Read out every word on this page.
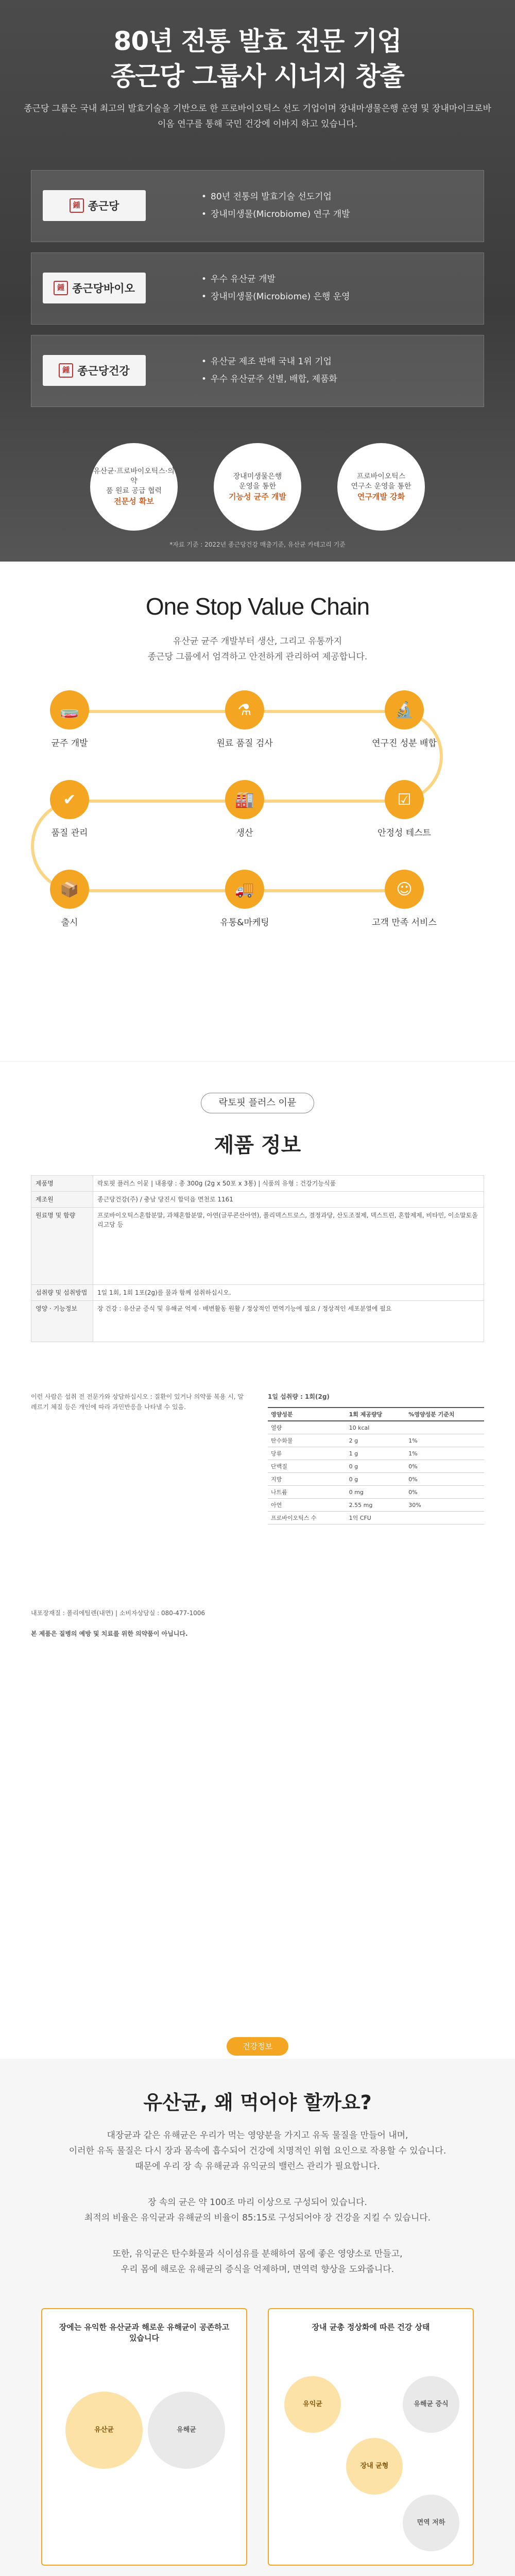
80년 전통 발효 전문 기업
종근당 그룹사 시너지 창출
종근당 그룹은 국내 최고의 발효기술을 기반으로 한 프로바이오틱스 선도 기업이며 장내마생물은행 운영 및 장내마이크로바이옴 연구를 통해 국민 건강에 이바지 하고 있습니다.
鍾 종근당
• 80년 전통의 발효기술 선도기업
• 장내미생물(Microbiome) 연구 개발
鍾 종근당바이오
• 우수 유산균 개발
• 장내미생물(Microbiome) 은행 운영
鍾 종근당건강
• 유산균 제조 판매 국내 1위 기업
• 우수 유산균주 선별, 배합, 제품화
유산균·프로바이오틱스·의약
품 원료 공급 협력
전문성 확보
장내미생물은행
운영을 통한
기능성 균주 개발
프로바이오틱스
연구소 운영을 통한
연구개발 강화
*자료 기준 : 2022년 종근당건강 매출기준, 유산균 카테고리 기준
One Stop Value Chain
유산균 균주 개발부터 생산, 그리고 유통까지
종근당 그룹에서 엄격하고 안전하게 관리하여 제공합니다.
🧫
균주 개발
⚗
원료 품질 검사
🔬
연구진 성분 배합
✔
품질 관리
🏭
생산
☑
안정성 테스트
📦
출시
🚚
유통&마케팅
☺
고객 만족 서비스
락토핏 플러스 이뮨
제품 정보
제품명	락토핏 플러스 이뮨 | 내용량 : 총 300g (2g x 50포 x 3통) | 식품의 유형 : 건강기능식품
제조원	종근당건강(주) / 충남 당진시 합덕읍 면천로 1161
원료명 및 함량	프로바이오틱스혼합분말, 과채혼합분말, 아연(글루콘산아연), 폴리덱스트로스, 결정과당, 산도조절제, 덱스트린, 혼합제제, 비타민, 이소말토올리고당 등
섭취량 및 섭취방법	1일 1회, 1회 1포(2g)를 물과 함께 섭취하십시오.
영양 · 기능정보	장 건강 : 유산균 증식 및 유해균 억제 · 배변활동 원활 / 정상적인 면역기능에 필요 / 정상적인 세포분열에 필요
이런 사람은 섭취 전 전문가와 상담하십시오 : 질환이 있거나 의약품 복용 시, 알레르기 체질 등은 개인에 따라 과민반응을 나타낼 수 있음.
1일 섭취량 : 1회(2g)
영양성분	1회 제공량당	%영양성분 기준치
열량	10 kcal	
탄수화물	2 g	1%
당류	1 g	1%
단백질	0 g	0%
지방	0 g	0%
나트륨	0 mg	0%
아연	2.55 mg	30%
프로바이오틱스 수	1억 CFU	
내포장재질 : 폴리에틸렌(내면) | 소비자상담실 : 080-477-1006
본 제품은 질병의 예방 및 치료를 위한 의약품이 아닙니다.
건강정보
유산균, 왜 먹어야 할까요?
대장균과 같은 유해균은 우리가 먹는 영양분을 가지고 유독 물질을 만들어 내며,
이러한 유독 물질은 다시 장과 몸속에 흡수되어 건강에 치명적인 위협 요인으로 작용할 수 있습니다.
때문에 우리 장 속 유해균과 유익균의 밸런스 관리가 필요합니다.
장 속의 균은 약 100조 마리 이상으로 구성되어 있습니다.
최적의 비율은 유익균과 유해균의 비율이 85:15로 구성되어야 장 건강을 지킬 수 있습니다.
또한, 유익균은 탄수화물과 식이섬유를 분해하여 몸에 좋은 영양소로 만들고,
우리 몸에 해로운 유해균의 증식을 억제하며, 면역력 향상을 도와줍니다.
장에는 유익한 유산균과 해로운 유해균이 공존하고 있습니다
유산균	유해균
장내 균총 정상화에 따른 건강 상태
유익균
장내 균형
유해균 증식
면역 저하
